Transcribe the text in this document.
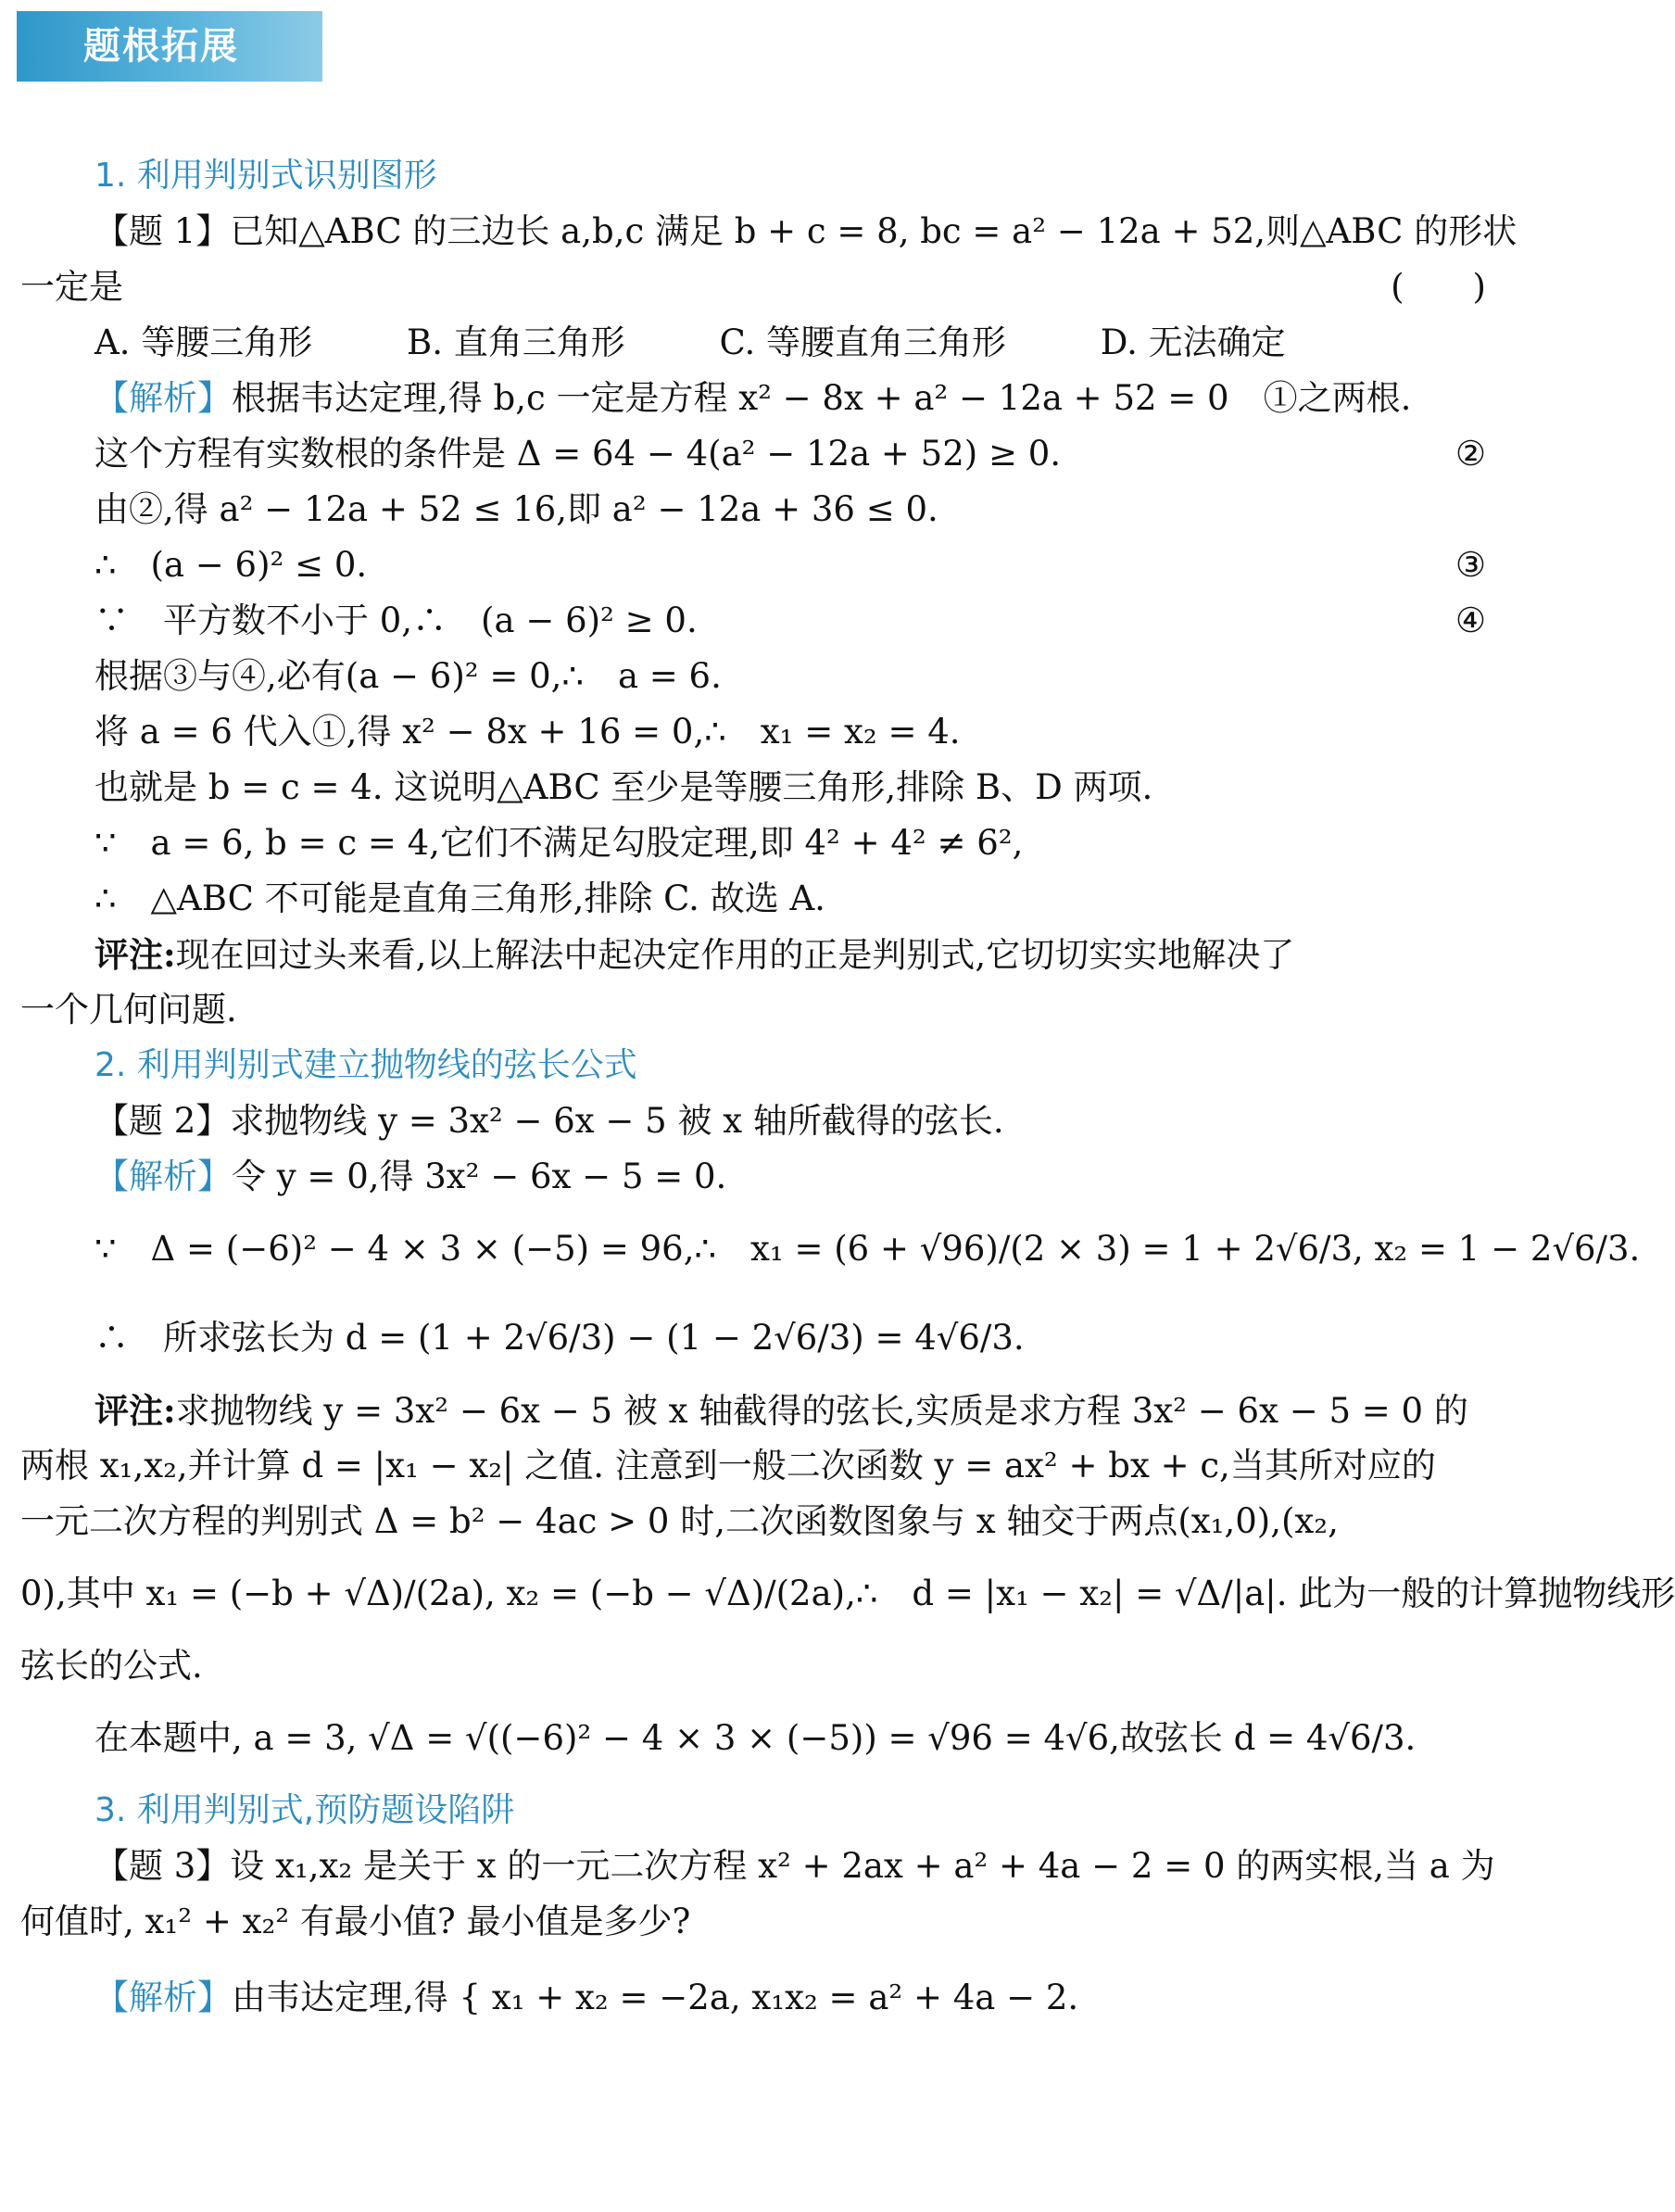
题根拓展
1. 利用判别式识别图形
【题 1】已知△ABC 的三边长 a,b,c 满足 b + c = 8, bc = a² − 12a + 52,则△ABC 的形状
一定是	(　　)
A. 等腰三角形	B. 直角三角形	C. 等腰直角三角形	D. 无法确定
【解析】根据韦达定理,得 b,c 一定是方程 x² − 8x + a² − 12a + 52 = 0　①之两根.
这个方程有实数根的条件是 Δ = 64 − 4(a² − 12a + 52) ≥ 0.	②
由②,得 a² − 12a + 52 ≤ 16,即 a² − 12a + 36 ≤ 0.
∴　(a − 6)² ≤ 0.	③
∵　平方数不小于 0,∴　(a − 6)² ≥ 0.	④
根据③与④,必有(a − 6)² = 0,∴　a = 6.
将 a = 6 代入①,得 x² − 8x + 16 = 0,∴　x₁ = x₂ = 4.
也就是 b = c = 4. 这说明△ABC 至少是等腰三角形,排除 B、D 两项.
∵　a = 6, b = c = 4,它们不满足勾股定理,即 4² + 4² ≠ 6²,
∴　△ABC 不可能是直角三角形,排除 C. 故选 A.
评注:现在回过头来看,以上解法中起决定作用的正是判别式,它切切实实地解决了
一个几何问题.
2. 利用判别式建立抛物线的弦长公式
【题 2】求抛物线 y = 3x² − 6x − 5 被 x 轴所截得的弦长.
【解析】令 y = 0,得 3x² − 6x − 5 = 0.
∵　Δ = (−6)² − 4 × 3 × (−5) = 96,∴　x₁ = (6 + √96)/(2 × 3) = 1 + 2√6/3, x₂ = 1 − 2√6/3.
∴　所求弦长为 d = (1 + 2√6/3) − (1 − 2√6/3) = 4√6/3.
评注:求抛物线 y = 3x² − 6x − 5 被 x 轴截得的弦长,实质是求方程 3x² − 6x − 5 = 0 的
两根 x₁,x₂,并计算 d = |x₁ − x₂| 之值. 注意到一般二次函数 y = ax² + bx + c,当其所对应的
一元二次方程的判别式 Δ = b² − 4ac > 0 时,二次函数图象与 x 轴交于两点(x₁,0),(x₂,
0),其中 x₁ = (−b + √Δ)/(2a), x₂ = (−b − √Δ)/(2a),∴　d = |x₁ − x₂| = √Δ/|a|. 此为一般的计算抛物线形
弦长的公式.
在本题中, a = 3, √Δ = √((−6)² − 4 × 3 × (−5)) = √96 = 4√6,故弦长 d = 4√6/3.
3. 利用判别式,预防题设陷阱
【题 3】设 x₁,x₂ 是关于 x 的一元二次方程 x² + 2ax + a² + 4a − 2 = 0 的两实根,当 a 为
何值时, x₁² + x₂² 有最小值? 最小值是多少?
【解析】由韦达定理,得 { x₁ + x₂ = −2a, x₁x₂ = a² + 4a − 2.
